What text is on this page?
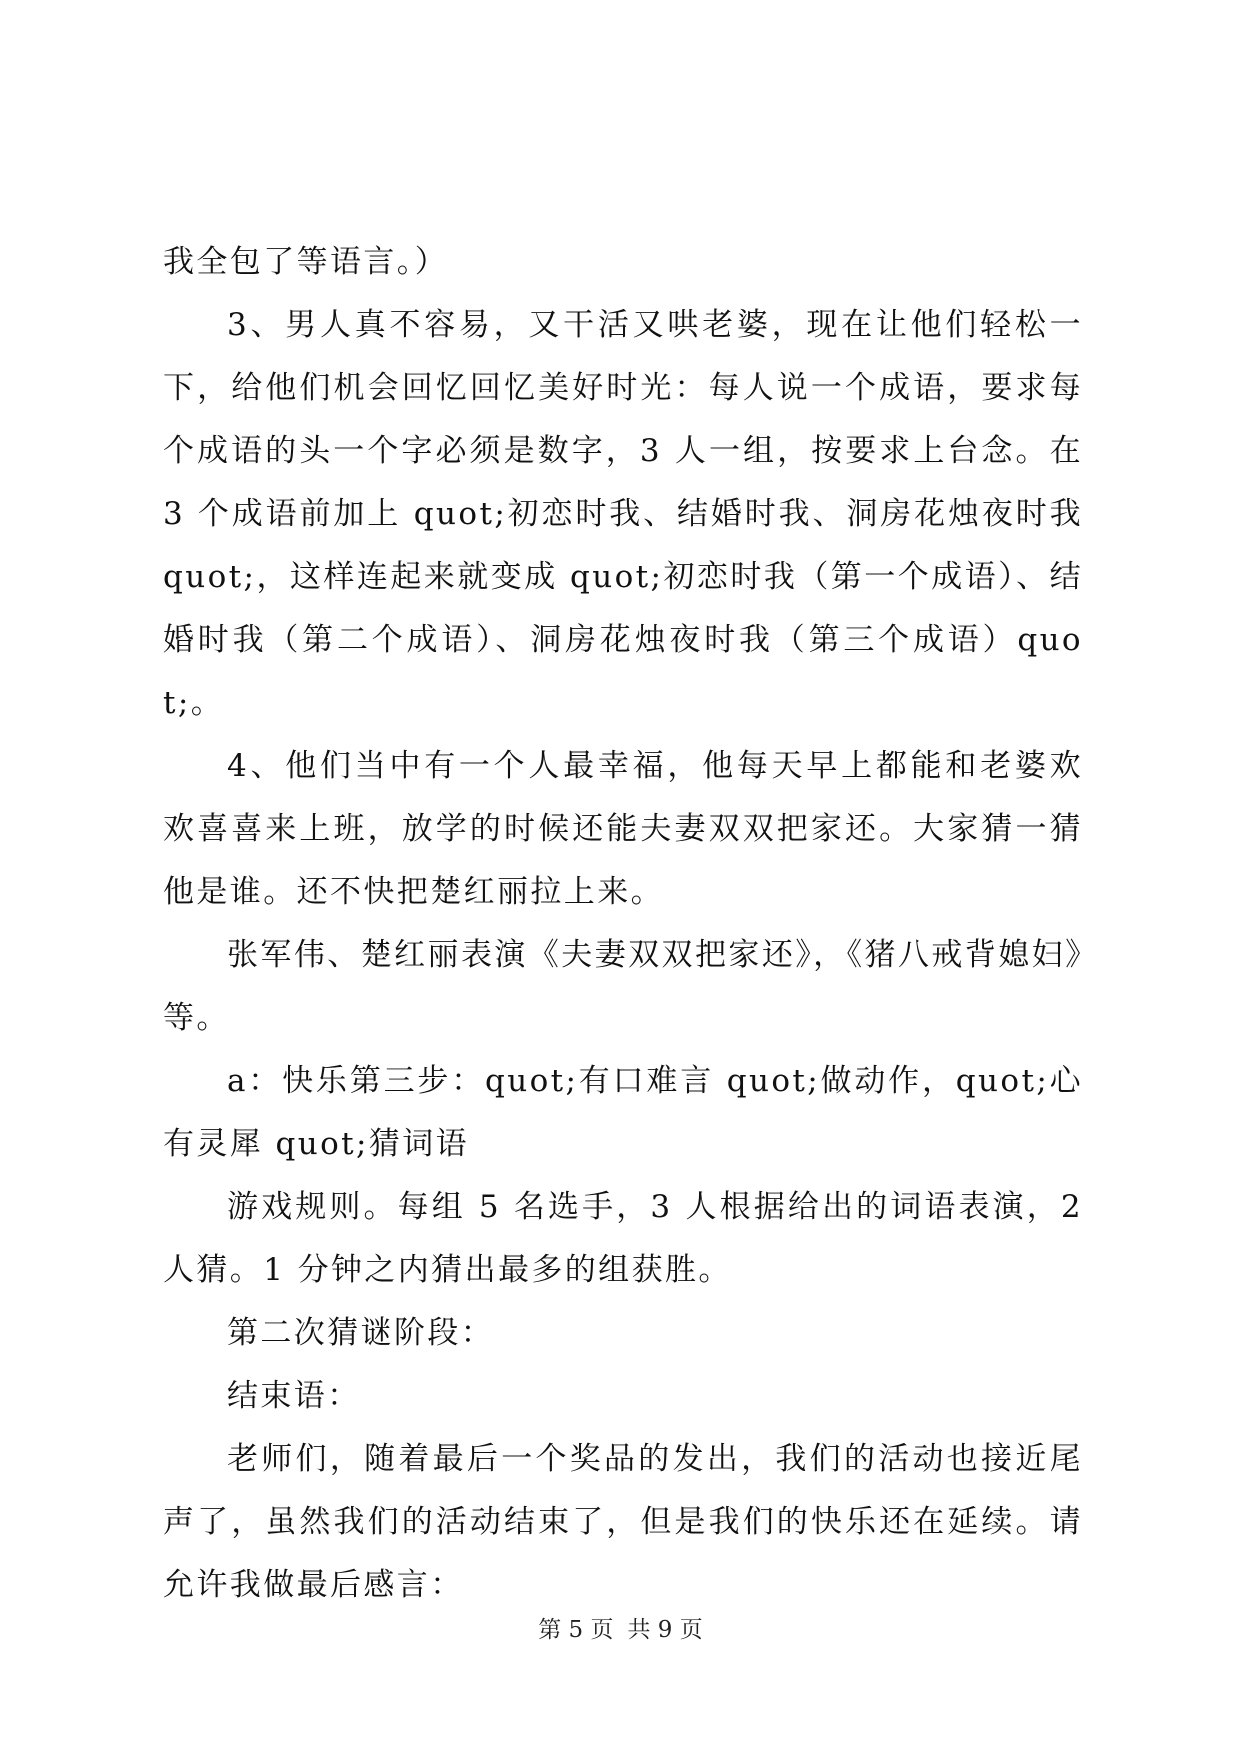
我全包了等语言。）

3、男人真不容易，又干活又哄老婆，现在让他们轻松一下，给他们机会回忆回忆美好时光：每人说一个成语，要求每个成语的头一个字必须是数字，3 人一组，按要求上台念。在 3 个成语前加上 quot;初恋时我、结婚时我、洞房花烛夜时我 quot;，这样连起来就变成 quot;初恋时我（第一个成语）、结婚时我（第二个成语）、洞房花烛夜时我（第三个成语）quot;。

4、他们当中有一个人最幸福，他每天早上都能和老婆欢欢喜喜来上班，放学的时候还能夫妻双双把家还。大家猜一猜他是谁。还不快把楚红丽拉上来。

张军伟、楚红丽表演《夫妻双双把家还》，《猪八戒背媳妇》等。

a：快乐第三步：quot;有口难言 quot;做动作，quot;心有灵犀 quot;猜词语

游戏规则。每组 5 名选手，3 人根据给出的词语表演，2 人猜。1 分钟之内猜出最多的组获胜。

第二次猜谜阶段：

结束语：

老师们，随着最后一个奖品的发出，我们的活动也接近尾声了，虽然我们的活动结束了，但是我们的快乐还在延续。请允许我做最后感言：

第 5 页 共 9 页
